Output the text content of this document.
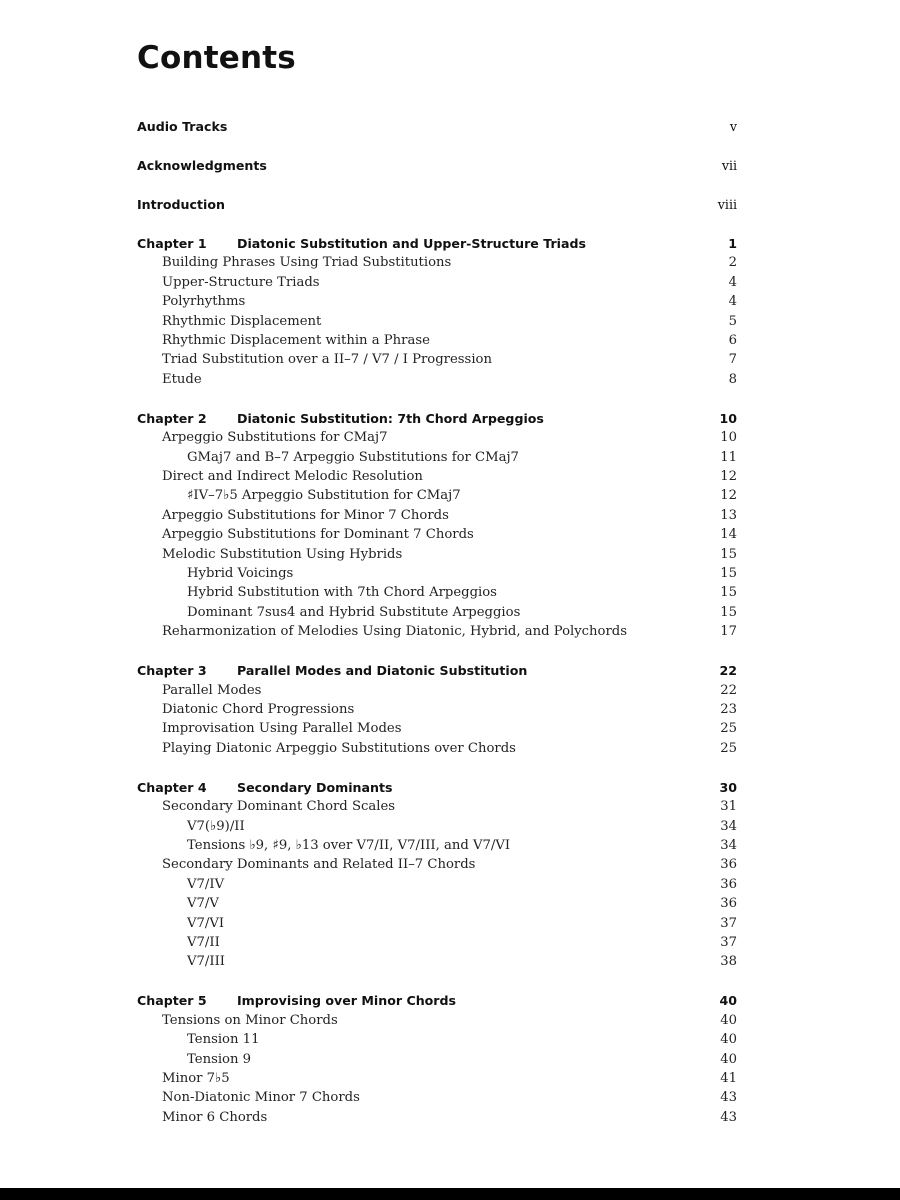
Contents
Audio Tracks	v
Acknowledgments	vii
Introduction	viii
Chapter 1 Diatonic Substitution and Upper-Structure Triads	1
Building Phrases Using Triad Substitutions	2
Upper-Structure Triads	4
Polyrhythms	4
Rhythmic Displacement	5
Rhythmic Displacement within a Phrase	6
Triad Substitution over a II–7 / V7 / I Progression	7
Etude	8
Chapter 2 Diatonic Substitution: 7th Chord Arpeggios	10
Arpeggio Substitutions for CMaj7	10
GMaj7 and B–7 Arpeggio Substitutions for CMaj7	11
Direct and Indirect Melodic Resolution	12
♯IV–7♭5 Arpeggio Substitution for CMaj7	12
Arpeggio Substitutions for Minor 7 Chords	13
Arpeggio Substitutions for Dominant 7 Chords	14
Melodic Substitution Using Hybrids	15
Hybrid Voicings	15
Hybrid Substitution with 7th Chord Arpeggios	15
Dominant 7sus4 and Hybrid Substitute Arpeggios	15
Reharmonization of Melodies Using Diatonic, Hybrid, and Polychords	17
Chapter 3 Parallel Modes and Diatonic Substitution	22
Parallel Modes	22
Diatonic Chord Progressions	23
Improvisation Using Parallel Modes	25
Playing Diatonic Arpeggio Substitutions over Chords	25
Chapter 4 Secondary Dominants	30
Secondary Dominant Chord Scales	31
V7(♭9)/II	34
Tensions ♭9, ♯9, ♭13 over V7/II, V7/III, and V7/VI	34
Secondary Dominants and Related II–7 Chords	36
V7/IV	36
V7/V	36
V7/VI	37
V7/II	37
V7/III	38
Chapter 5 Improvising over Minor Chords	40
Tensions on Minor Chords	40
Tension 11	40
Tension 9	40
Minor 7♭5	41
Non-Diatonic Minor 7 Chords	43
Minor 6 Chords	43
